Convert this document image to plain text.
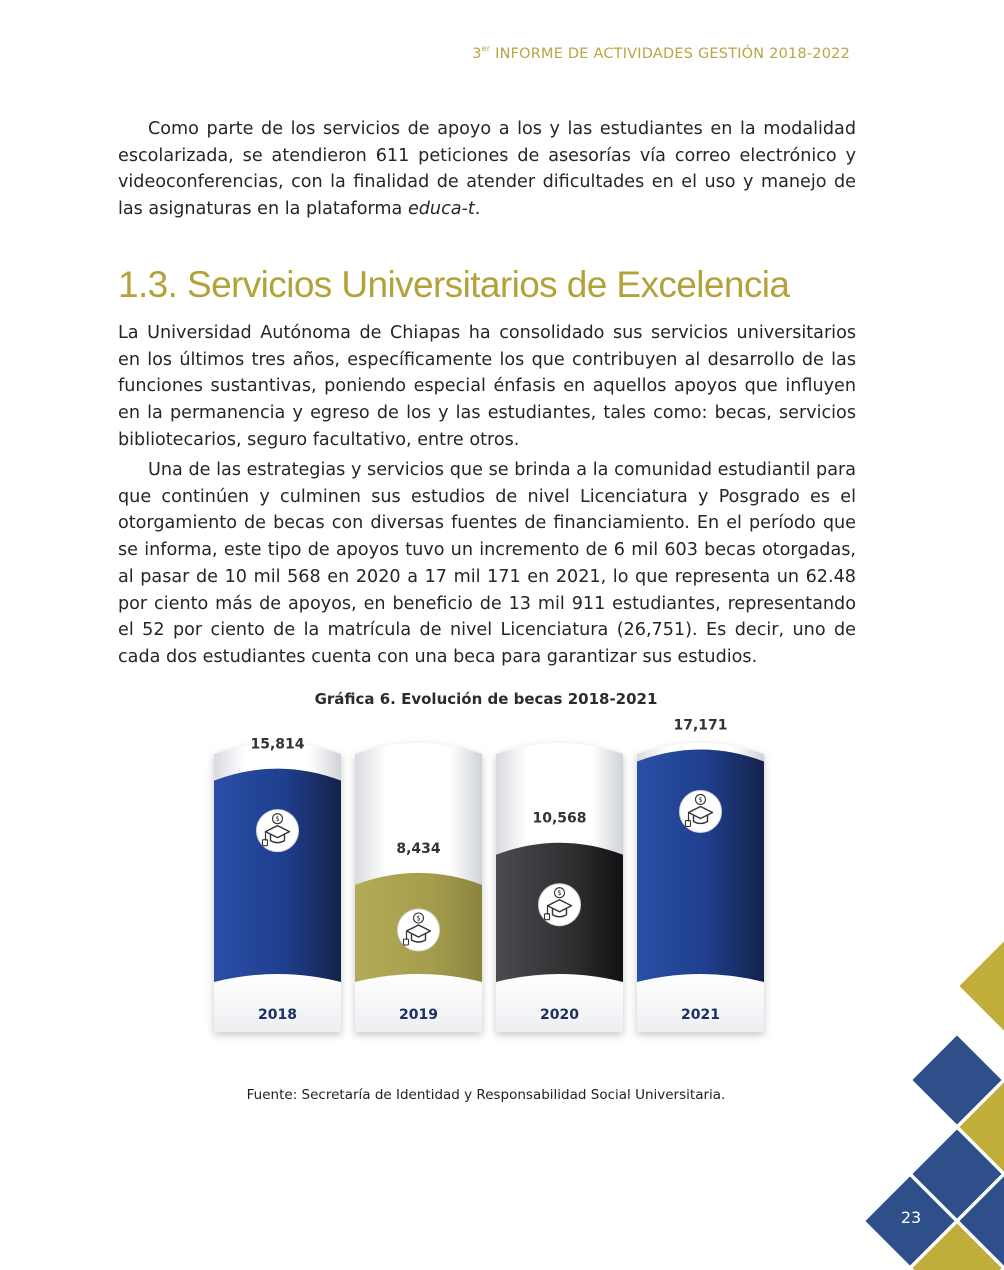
3er INFORME DE ACTIVIDADES GESTIÓN 2018-2022

Como parte de los servicios de apoyo a los y las estudiantes en la modalidad escolarizada, se atendieron 611 peticiones de asesorías vía correo electrónico y videoconferencias, con la finalidad de atender dificultades en el uso y manejo de las asignaturas en la plataforma educa-t.

1.3. Servicios Universitarios de Excelencia

La Universidad Autónoma de Chiapas ha consolidado sus servicios universitarios en los últimos tres años, específicamente los que contribuyen al desarrollo de las funciones sustantivas, poniendo especial énfasis en aquellos apoyos que influyen en la permanencia y egreso de los y las estudiantes, tales como: becas, servicios bibliotecarios, seguro facultativo, entre otros.

Una de las estrategias y servicios que se brinda a la comunidad estudiantil para que continúen y culminen sus estudios de nivel Licenciatura y Posgrado es el otorgamiento de becas con diversas fuentes de financiamiento. En el período que se informa, este tipo de apoyos tuvo un incremento de 6 mil 603 becas otorgadas, al pasar de 10 mil 568 en 2020 a 17 mil 171 en 2021, lo que representa un 62.48 por ciento más de apoyos, en beneficio de 13 mil 911 estudiantes, representando el 52 por ciento de la matrícula de nivel Licenciatura (26,751). Es decir, uno de cada dos estudiantes cuenta con una beca para garantizar sus estudios.

Gráfica 6. Evolución de becas 2018-2021
15,814
2018
$
8,434
2019
$
10,568
2020
$
17,171
2021
$
Fuente: Secretaría de Identidad y Responsabilidad Social Universitaria.
23
